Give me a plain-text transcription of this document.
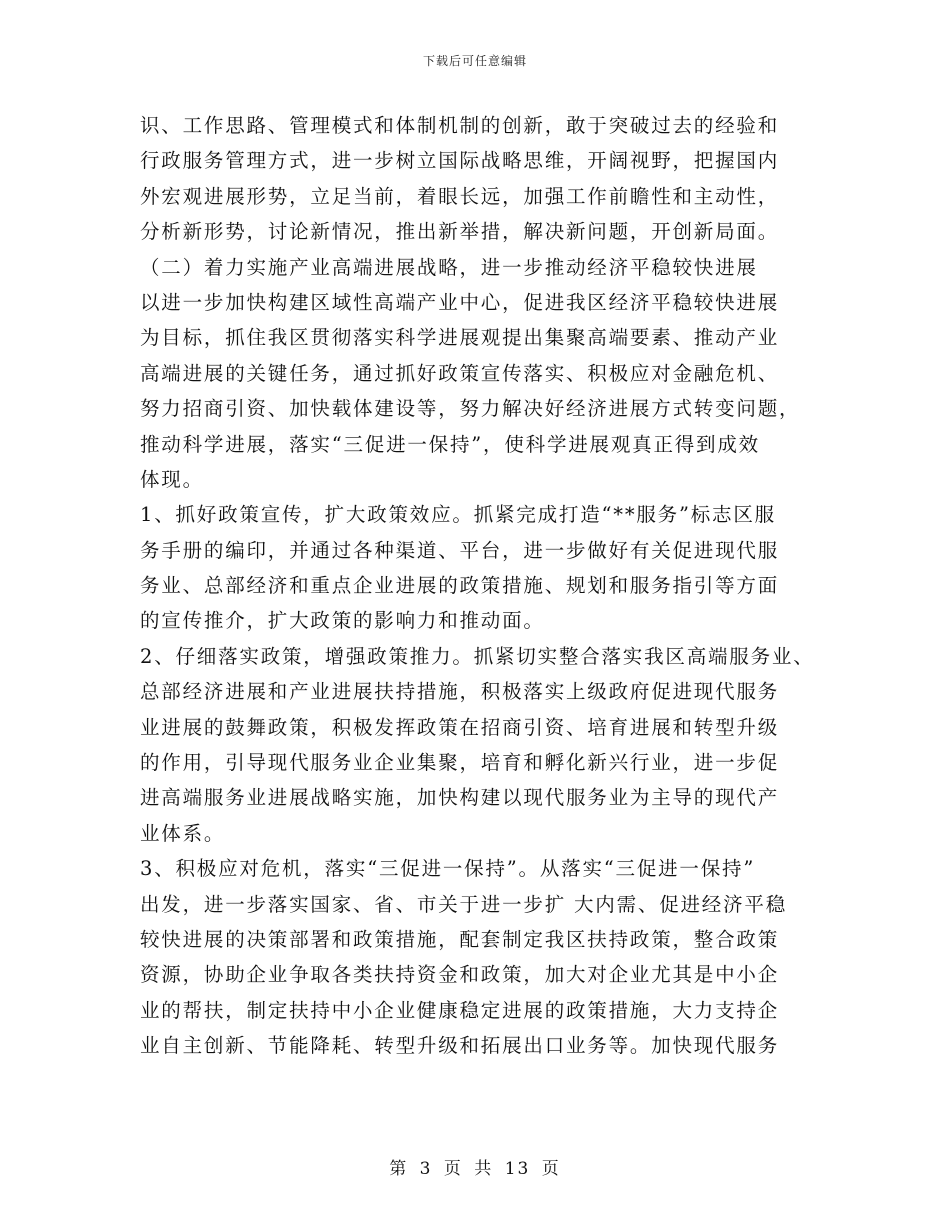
下载后可任意编辑
识、工作思路、管理模式和体制机制的创新，敢于突破过去的经验和
行政服务管理方式，进一步树立国际战略思维，开阔视野，把握国内
外宏观进展形势，立足当前，着眼长远，加强工作前瞻性和主动性，
分析新形势，讨论新情况，推出新举措，解决新问题，开创新局面。
（二）着力实施产业高端进展战略，进一步推动经济平稳较快进展
以进一步加快构建区域性高端产业中心，促进我区经济平稳较快进展
为目标，抓住我区贯彻落实科学进展观提出集聚高端要素、推动产业
高端进展的关键任务，通过抓好政策宣传落实、积极应对金融危机、
努力招商引资、加快载体建设等，努力解决好经济进展方式转变问题，
推动科学进展，落实“三促进一保持”，使科学进展观真正得到成效
体现。
1、抓好政策宣传，扩大政策效应。抓紧完成打造“**服务”标志区服
务手册的编印，并通过各种渠道、平台，进一步做好有关促进现代服
务业、总部经济和重点企业进展的政策措施、规划和服务指引等方面
的宣传推介，扩大政策的影响力和推动面。
2、仔细落实政策，增强政策推力。抓紧切实整合落实我区高端服务业、
总部经济进展和产业进展扶持措施，积极落实上级政府促进现代服务
业进展的鼓舞政策，积极发挥政策在招商引资、培育进展和转型升级
的作用，引导现代服务业企业集聚，培育和孵化新兴行业，进一步促
进高端服务业进展战略实施，加快构建以现代服务业为主导的现代产
业体系。
3、积极应对危机，落实“三促进一保持”。从落实“三促进一保持”
出发，进一步落实国家、省、市关于进一步扩 大内需、促进经济平稳
较快进展的决策部署和政策措施，配套制定我区扶持政策，整合政策
资源，协助企业争取各类扶持资金和政策，加大对企业尤其是中小企
业的帮扶，制定扶持中小企业健康稳定进展的政策措施，大力支持企
业自主创新、节能降耗、转型升级和拓展出口业务等。加快现代服务
第 3 页 共 13 页
